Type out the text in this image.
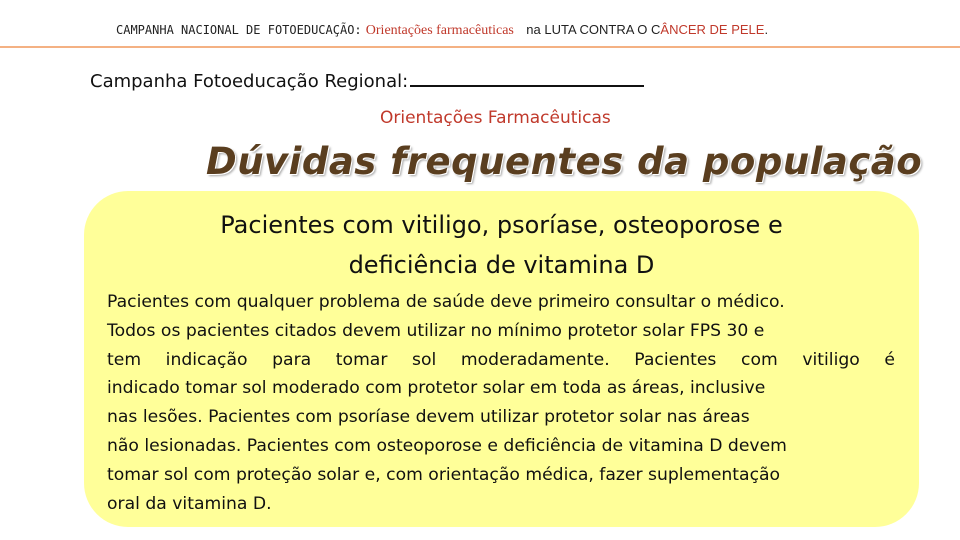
CAMPANHA NACIONAL DE FOTOEDUCAÇÃO: Orientações farmacêuticas na LUTA CONTRA O CÂNCER DE PELE.
Campanha Fotoeducação Regional:
Orientações Farmacêuticas
Dúvidas frequentes da população
Pacientes com vitiligo, psoríase, osteoporose e
deficiência de vitamina D
Pacientes com qualquer problema de saúde deve primeiro consultar o médico.
Todos os pacientes citados devem utilizar no mínimo protetor solar FPS 30 e
tem indicação para tomar sol moderadamente. Pacientes com vitiligo é
indicado tomar sol moderado com protetor solar em toda as áreas, inclusive
nas lesões. Pacientes com psoríase devem utilizar protetor solar nas áreas
não lesionadas. Pacientes com osteoporose e deficiência de vitamina D devem
tomar sol com proteção solar e, com orientação médica, fazer suplementação
oral da vitamina D.
